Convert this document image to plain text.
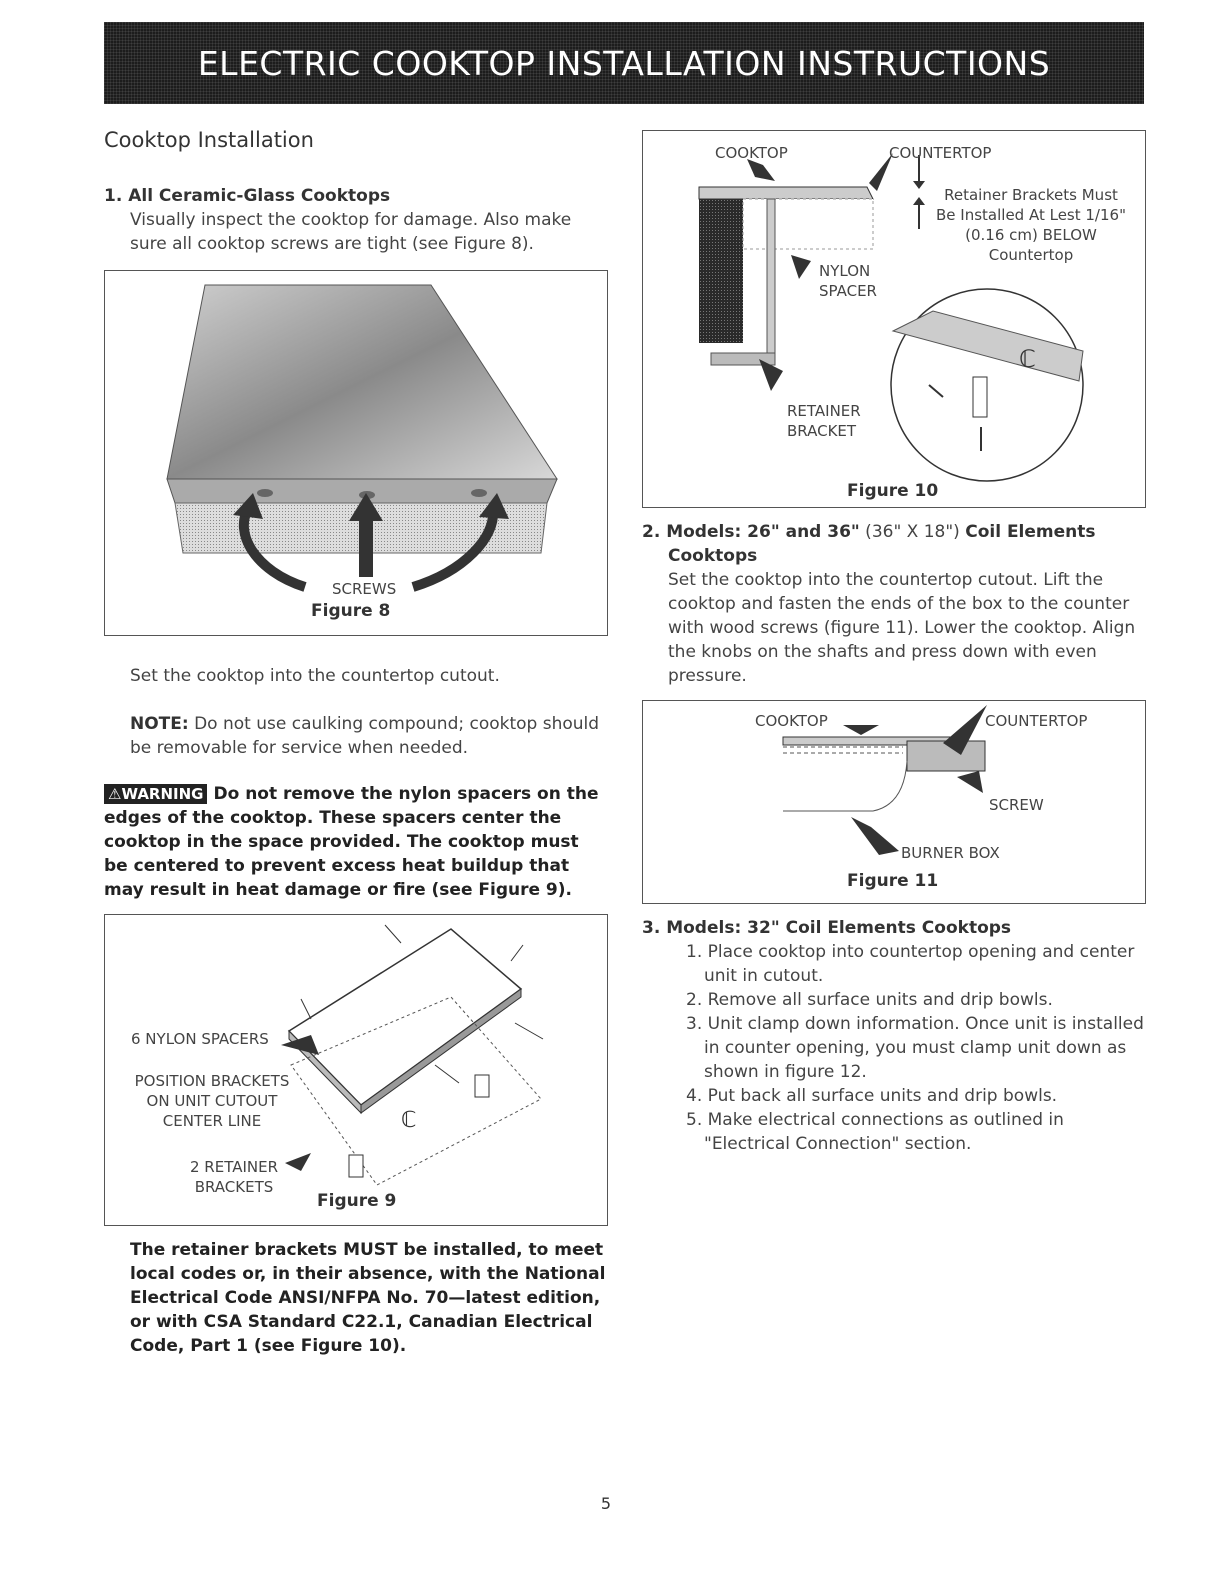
ELECTRIC COOKTOP INSTALLATION INSTRUCTIONS
Cooktop Installation
1. All Ceramic-Glass Cooktops
Visually inspect the cooktop for damage. Also make sure all cooktop screws are tight (see Figure 8).
SCREWS
Figure 8
Set the cooktop into the countertop cutout.
NOTE: Do not use caulking compound; cooktop should be removable for service when needed.
⚠WARNING Do not remove the nylon spacers on the edges of the cooktop. These spacers center the cooktop in the space provided. The cooktop must be centered to prevent excess heat buildup that may result in heat damage or fire (see Figure 9).
ℂ
6 NYLON SPACERS
POSITION BRACKETS
ON UNIT CUTOUT
CENTER LINE
2 RETAINER
BRACKETS
Figure 9
The retainer brackets MUST be installed, to meet local codes or, in their absence, with the National Electrical Code ANSI/NFPA No. 70—latest edition, or with CSA Standard C22.1, Canadian Electrical Code, Part 1 (see Figure 10).
ℂ
COOKTOP	COUNTERTOP
Retainer Brackets Must
Be Installed At Lest 1/16"
(0.16 cm) BELOW
Countertop
NYLON
SPACER
RETAINER
BRACKET
Figure 10
2. Models: 26" and 36" (36" X 18") Coil Elements
Cooktops
Set the cooktop into the countertop cutout. Lift the cooktop and fasten the ends of the box to the counter with wood screws (figure 11). Lower the cooktop. Align the knobs on the shafts and press down with even pressure.
COOKTOP	COUNTERTOP
SCREW
BURNER BOX
Figure 11
3. Models: 32" Coil Elements Cooktops
1. Place cooktop into countertop opening and center unit in cutout.
2. Remove all surface units and drip bowls.
3. Unit clamp down information. Once unit is installed in counter opening, you must clamp unit down as shown in figure 12.
4. Put back all surface units and drip bowls.
5. Make electrical connections as outlined in "Electrical Connection" section.
5
